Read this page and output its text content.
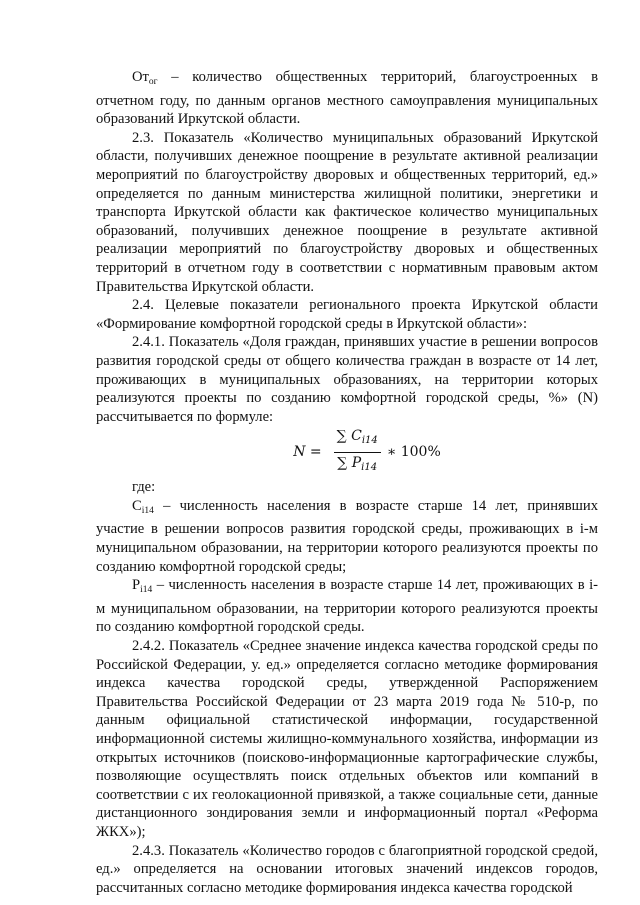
$От_{ог}$ – количество общественных территорий, благоустроенных в отчетном году, по данным органов местного самоуправления муниципальных образований Иркутской области.

2.3. Показатель «Количество муниципальных образований Иркутской области, получивших денежное поощрение в результате активной реализации мероприятий по благоустройству дворовых и общественных территорий, ед.» определяется по данным министерства жилищной политики, энергетики и транспорта Иркутской области как фактическое количество муниципальных образований, получивших денежное поощрение в результате активной реализации мероприятий по благоустройству дворовых и общественных территорий в отчетном году в соответствии с нормативным правовым актом Правительства Иркутской области.

2.4. Целевые показатели регионального проекта Иркутской области «Формирование комфортной городской среды в Иркутской области»:

2.4.1. Показатель «Доля граждан, принявших участие в решении вопросов развития городской среды от общего количества граждан в возрасте от 14 лет, проживающих в муниципальных образованиях, на территории которых реализуются проекты по созданию комфортной городской среды, %» (N) рассчитывается по формуле:

$N = \frac{\sum C_{i14}}{\sum P_{i14}}$ ∗ 100%

где:

$C_{i14}$ – численность населения в возрасте старше 14 лет, принявших участие в решении вопросов развития городской среды, проживающих в i-м муниципальном образовании, на территории которого реализуются проекты по созданию комфортной городской среды;

$P_{i14}$ – численность населения в возрасте старше 14 лет, проживающих в i-м муниципальном образовании, на территории которого реализуются проекты по созданию комфортной городской среды.

2.4.2. Показатель «Среднее значение индекса качества городской среды по Российской Федерации, у. ед.» определяется согласно методике формирования индекса качества городской среды, утвержденной Распоряжением Правительства Российской Федерации от 23 марта 2019 года № 510-р, по данным официальной статистической информации, государственной информационной системы жилищно-коммунального хозяйства, информации из открытых источников (поисково-информационные картографические службы, позволяющие осуществлять поиск отдельных объектов или компаний в соответствии с их геолокационной привязкой, а также социальные сети, данные дистанционного зондирования земли и информационный портал «Реформа ЖКХ»);

2.4.3. Показатель «Количество городов с благоприятной городской средой, ед.» определяется на основании итоговых значений индексов городов, рассчитанных согласно методике формирования индекса качества городской
